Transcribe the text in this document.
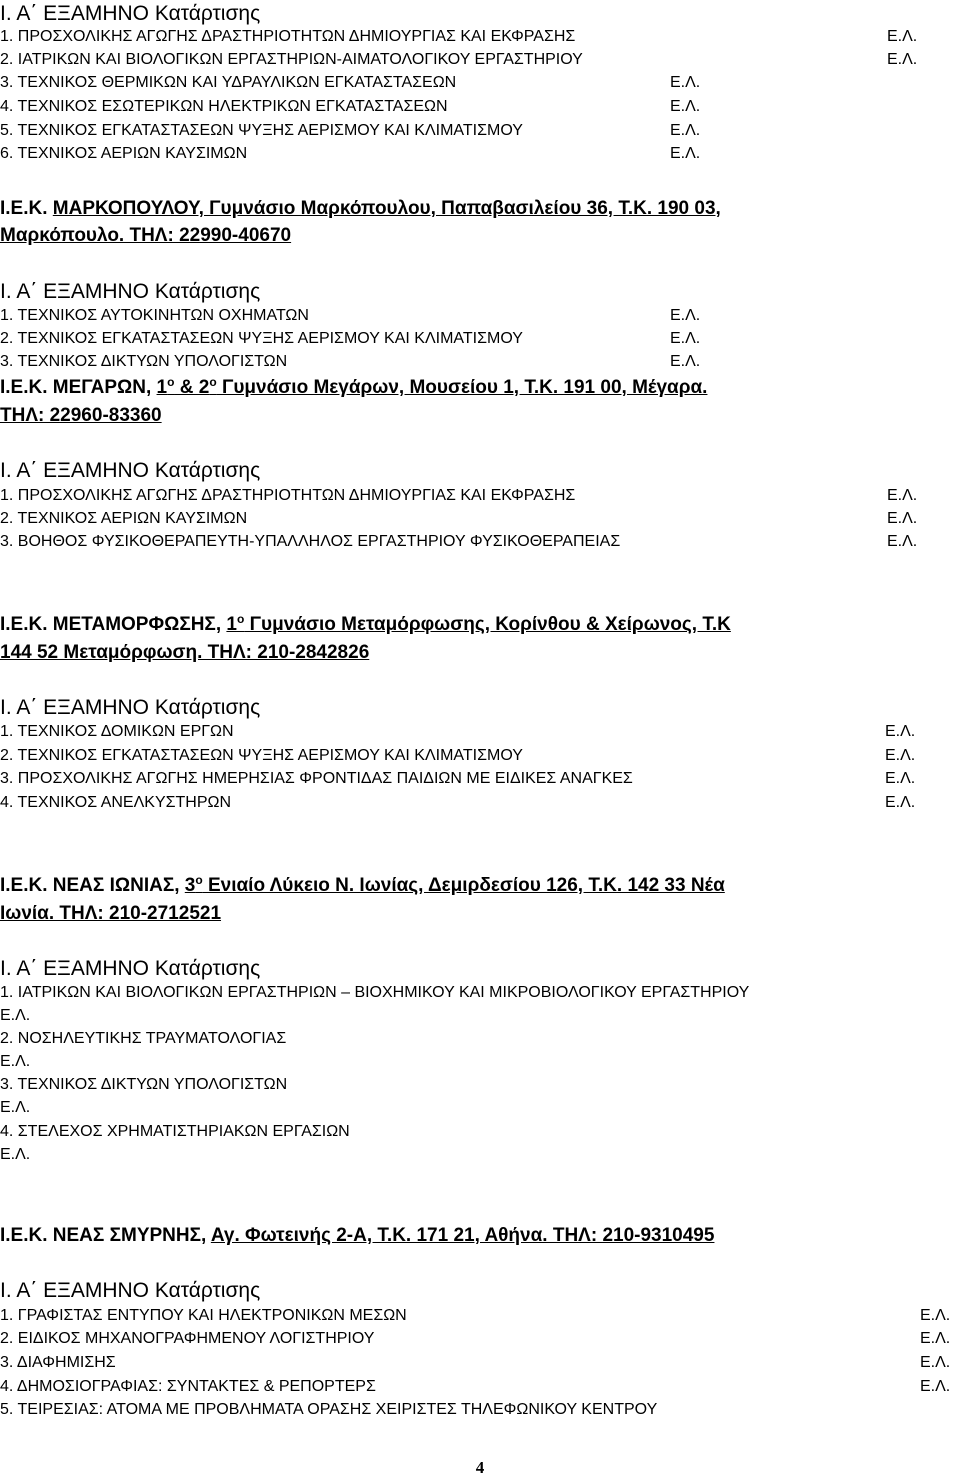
Ι. Α΄ ΕΞΑΜΗΝΟ Κατάρτισης
1. ΠΡΟΣΧΟΛΙΚΗΣ ΑΓΩΓΗΣ ΔΡΑΣΤΗΡΙΟΤΗΤΩΝ ΔΗΜΙΟΥΡΓΙΑΣ ΚΑΙ ΕΚΦΡΑΣΗΣ	Ε.Λ.
2. ΙΑΤΡΙΚΩΝ ΚΑΙ ΒΙΟΛΟΓΙΚΩΝ ΕΡΓΑΣΤΗΡΙΩΝ-ΑΙΜΑΤΟΛΟΓΙΚΟΥ ΕΡΓΑΣΤΗΡΙΟΥ	Ε.Λ.
3. ΤΕΧΝΙΚΟΣ ΘΕΡΜΙΚΩΝ ΚΑΙ ΥΔΡΑΥΛΙΚΩΝ ΕΓΚΑΤΑΣΤΑΣΕΩΝ	Ε.Λ.
4. ΤΕΧΝΙΚΟΣ ΕΣΩΤΕΡΙΚΩΝ ΗΛΕΚΤΡΙΚΩΝ ΕΓΚΑΤΑΣΤΑΣΕΩΝ	Ε.Λ.
5. ΤΕΧΝΙΚΟΣ ΕΓΚΑΤΑΣΤΑΣΕΩΝ ΨΥΞΗΣ ΑΕΡΙΣΜΟΥ ΚΑΙ ΚΛΙΜΑΤΙΣΜΟΥ	Ε.Λ.
6. ΤΕΧΝΙΚΟΣ ΑΕΡΙΩΝ ΚΑΥΣΙΜΩΝ	Ε.Λ.
Ι.Ε.Κ. ΜΑΡΚΟΠΟΥΛΟΥ, Γυμνάσιο Μαρκόπουλου, Παπαβασιλείου 36, Τ.Κ. 190 03,
Μαρκόπουλο. ΤΗΛ: 22990-40670
Ι. Α΄ ΕΞΑΜΗΝΟ Κατάρτισης
1. ΤΕΧΝΙΚΟΣ ΑΥΤΟΚΙΝΗΤΩΝ ΟΧΗΜΑΤΩΝ	Ε.Λ.
2. ΤΕΧΝΙΚΟΣ ΕΓΚΑΤΑΣΤΑΣΕΩΝ ΨΥΞΗΣ ΑΕΡΙΣΜΟΥ ΚΑΙ ΚΛΙΜΑΤΙΣΜΟΥ	Ε.Λ.
3. ΤΕΧΝΙΚΟΣ ΔΙΚΤΥΩΝ ΥΠΟΛΟΓΙΣΤΩΝ	Ε.Λ.
Ι.Ε.Κ. ΜΕΓΑΡΩΝ, $1^o$ & $2^o$ Γυμνάσιο Μεγάρων, Μουσείου 1, Τ.Κ. 191 00, Μέγαρα.
ΤΗΛ: 22960-83360
Ι. Α΄ ΕΞΑΜΗΝΟ Κατάρτισης
1. ΠΡΟΣΧΟΛΙΚΗΣ ΑΓΩΓΗΣ ΔΡΑΣΤΗΡΙΟΤΗΤΩΝ ΔΗΜΙΟΥΡΓΙΑΣ ΚΑΙ ΕΚΦΡΑΣΗΣ	Ε.Λ.
2. ΤΕΧΝΙΚΟΣ ΑΕΡΙΩΝ ΚΑΥΣΙΜΩΝ	Ε.Λ.
3. ΒΟΗΘΟΣ ΦΥΣΙΚΟΘΕΡΑΠΕΥΤΗ-ΥΠΑΛΛΗΛΟΣ ΕΡΓΑΣΤΗΡΙΟΥ ΦΥΣΙΚΟΘΕΡΑΠΕΙΑΣ	Ε.Λ.
Ι.Ε.Κ. ΜΕΤΑΜΟΡΦΩΣΗΣ, $1^o$ Γυμνάσιο Μεταμόρφωσης, Κορίνθου & Χείρωνος, Τ.Κ
144 52 Μεταμόρφωση. ΤΗΛ: 210-2842826
Ι. Α΄ ΕΞΑΜΗΝΟ Κατάρτισης
1. ΤΕΧΝΙΚΟΣ ΔΟΜΙΚΩΝ ΕΡΓΩΝ	Ε.Λ.
2. ΤΕΧΝΙΚΟΣ ΕΓΚΑΤΑΣΤΑΣΕΩΝ ΨΥΞΗΣ ΑΕΡΙΣΜΟΥ ΚΑΙ ΚΛΙΜΑΤΙΣΜΟΥ	Ε.Λ.
3. ΠΡΟΣΧΟΛΙΚΗΣ ΑΓΩΓΗΣ ΗΜΕΡΗΣΙΑΣ ΦΡΟΝΤΙΔΑΣ ΠΑΙΔΙΩΝ ΜΕ ΕΙΔΙΚΕΣ ΑΝΑΓΚΕΣ	Ε.Λ.
4. ΤΕΧΝΙΚΟΣ ΑΝΕΛΚΥΣΤΗΡΩΝ	Ε.Λ.
Ι.Ε.Κ. ΝΕΑΣ ΙΩΝΙΑΣ, $3^o$ Ενιαίο Λύκειο Ν. Ιωνίας, Δεμιρδεσίου 126, Τ.Κ. 142 33 Νέα
Ιωνία. ΤΗΛ: 210-2712521
Ι. Α΄ ΕΞΑΜΗΝΟ Κατάρτισης
1. ΙΑΤΡΙΚΩΝ ΚΑΙ ΒΙΟΛΟΓΙΚΩΝ ΕΡΓΑΣΤΗΡΙΩΝ – ΒΙΟΧΗΜΙΚΟΥ ΚΑΙ ΜΙΚΡΟΒΙΟΛΟΓΙΚΟΥ ΕΡΓΑΣΤΗΡΙΟΥ
Ε.Λ.
2. ΝΟΣΗΛΕΥΤΙΚΗΣ ΤΡΑΥΜΑΤΟΛΟΓΙΑΣ
Ε.Λ.
3. ΤΕΧΝΙΚΟΣ ΔΙΚΤΥΩΝ ΥΠΟΛΟΓΙΣΤΩΝ
Ε.Λ.
4. ΣΤΕΛΕΧΟΣ ΧΡΗΜΑΤΙΣΤΗΡΙΑΚΩΝ ΕΡΓΑΣΙΩΝ
Ε.Λ.
Ι.Ε.Κ. ΝΕΑΣ ΣΜΥΡΝΗΣ, Αγ. Φωτεινής 2-Α, Τ.Κ. 171 21, Αθήνα. ΤΗΛ: 210-9310495
Ι. Α΄ ΕΞΑΜΗΝΟ Κατάρτισης
1. ΓΡΑΦΙΣΤΑΣ ΕΝΤΥΠΟΥ ΚΑΙ ΗΛΕΚΤΡΟΝΙΚΩΝ ΜΕΣΩΝ	Ε.Λ.
2. ΕΙΔΙΚΟΣ ΜΗΧΑΝΟΓΡΑΦΗΜΕΝΟΥ ΛΟΓΙΣΤΗΡΙΟΥ	Ε.Λ.
3. ΔΙΑΦΗΜΙΣΗΣ	Ε.Λ.
4. ΔΗΜΟΣΙΟΓΡΑΦΙΑΣ: ΣΥΝΤΑΚΤΕΣ & ΡΕΠΟΡΤΕΡΣ	Ε.Λ.
5. ΤΕΙΡΕΣΙΑΣ: ΑΤΟΜΑ ΜΕ ΠΡΟΒΛΗΜΑΤΑ ΟΡΑΣΗΣ ΧΕΙΡΙΣΤΕΣ ΤΗΛΕΦΩΝΙΚΟΥ ΚΕΝΤΡΟΥ
4
